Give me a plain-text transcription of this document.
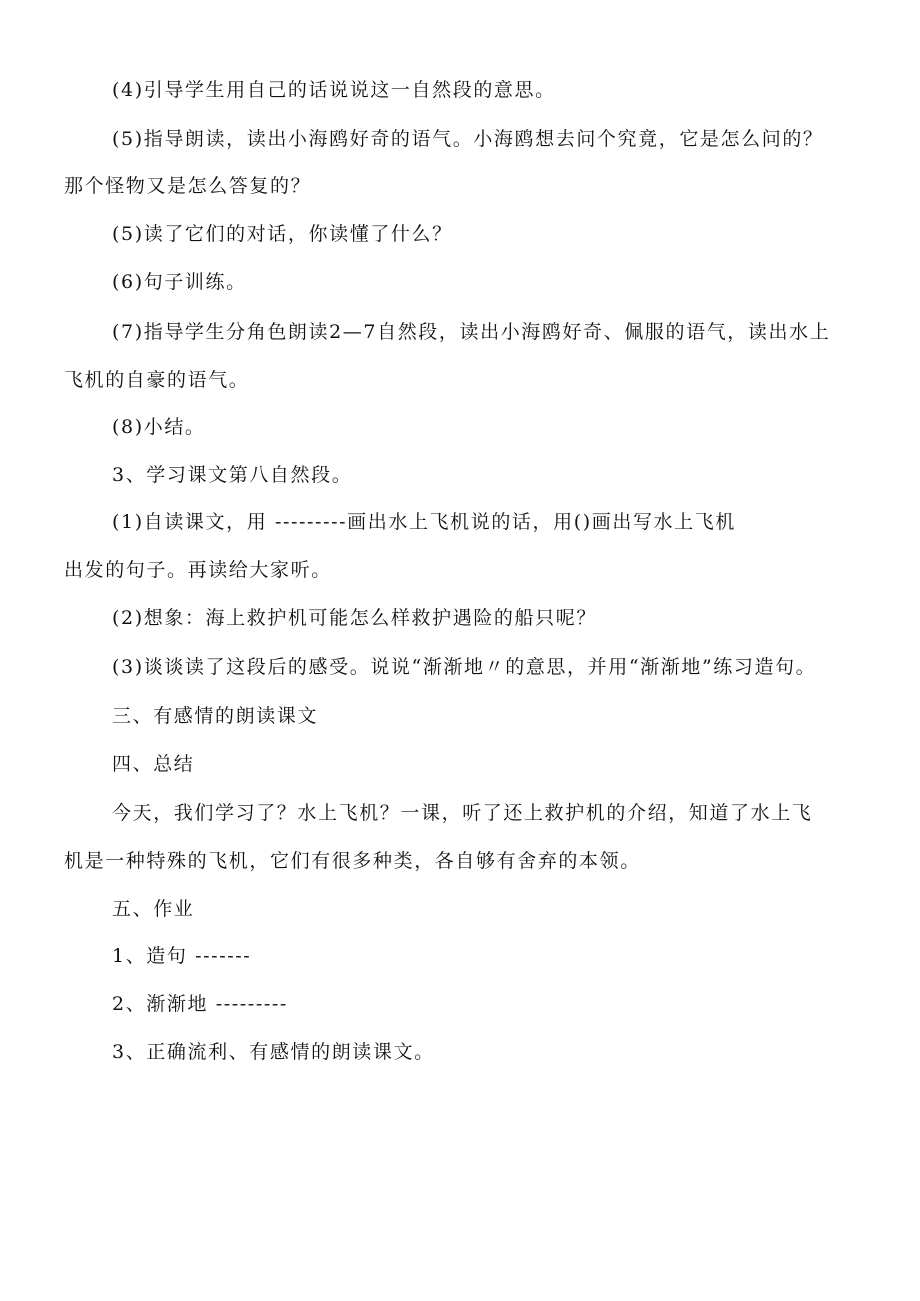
(4)引导学生用自己的话说说这一自然段的意思。
(5)指导朗读，读出小海鸥好奇的语气。小海鸥想去问个究竟，它是怎么问的？
那个怪物又是怎么答复的？
(5)读了它们的对话，你读懂了什么？
(6)句子训练。
(7)指导学生分角色朗读2—7自然段，读出小海鸥好奇、佩服的语气，读出水上
飞机的自豪的语气。
(8)小结。
3、学习课文第八自然段。
(1)自读课文，用 ---------画出水上飞机说的话，用()画出写水上飞机
出发的句子。再读给大家听。
(2)想象：海上救护机可能怎么样救护遇险的船只呢？
(3)谈谈读了这段后的感受。说说“渐渐地〃的意思，并用“渐渐地”练习造句。
三、有感情的朗读课文
四、总结
今天，我们学习了？水上飞机？一课，听了还上救护机的介绍，知道了水上飞
机是一种特殊的飞机，它们有很多种类，各自够有舍弃的本领。
五、作业
1、造句 -------
2、渐渐地 ---------
3、正确流利、有感情的朗读课文。
